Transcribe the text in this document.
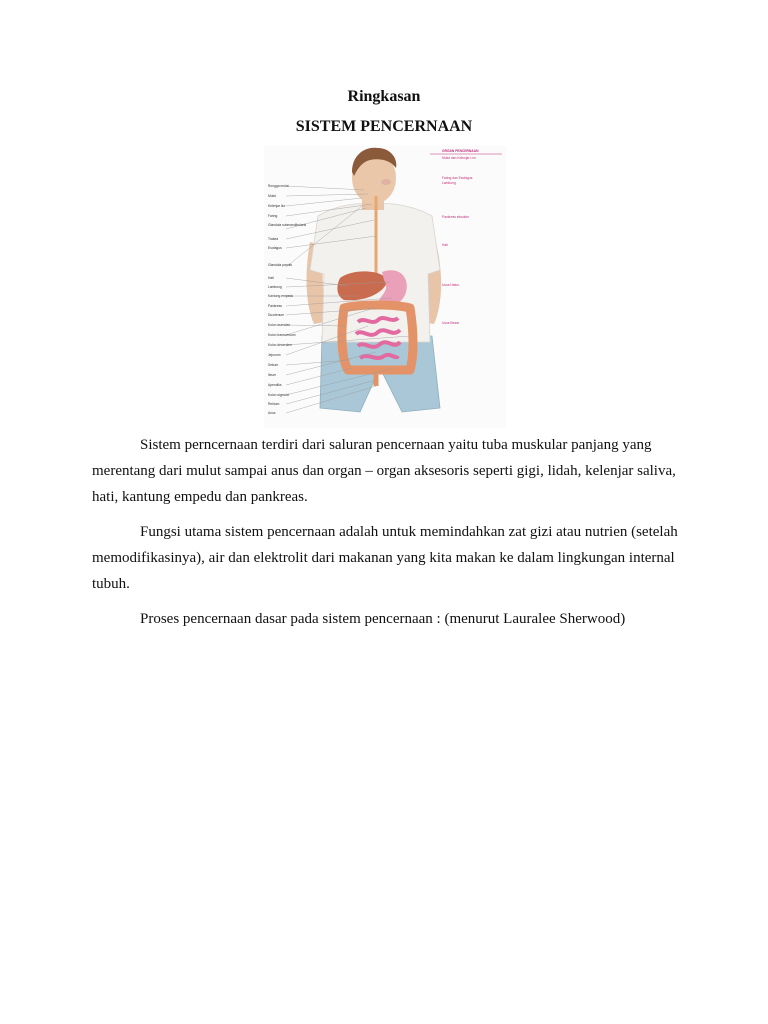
Ringkasan
SISTEM PENCERNAAN
Rongga mulut
Mulut
Kelenjar liur
Faring
Glandula submandibularis
Trakea
Esofagus
Glandula parotis
Hati
Lambung
Kantung empedu
Pankreas
Duodenum
Kolon asenden
Kolon transversum
Kolon desenden
Jejunum
Sekum
Ileum
Apendiks
Kolon sigmoid
Rektum
Anus
ORGAN PENCERNAAN
Mulut dan Kelenjar Liur
Faring dan Esofagus
Lambung
Pankreas eksokrin
Hati
Usus Halus
Usus Besar

Sistem perncernaan terdiri dari saluran pencernaan yaitu tuba muskular panjang yang merentang dari mulut sampai anus dan organ – organ aksesoris seperti gigi, lidah, kelenjar saliva, hati, kantung empedu dan pankreas.

Fungsi utama sistem pencernaan adalah untuk memindahkan zat gizi atau nutrien (setelah memodifikasinya), air dan elektrolit dari makanan yang kita makan ke dalam lingkungan internal tubuh.

Proses pencernaan dasar pada sistem pencernaan : (menurut Lauralee Sherwood)
